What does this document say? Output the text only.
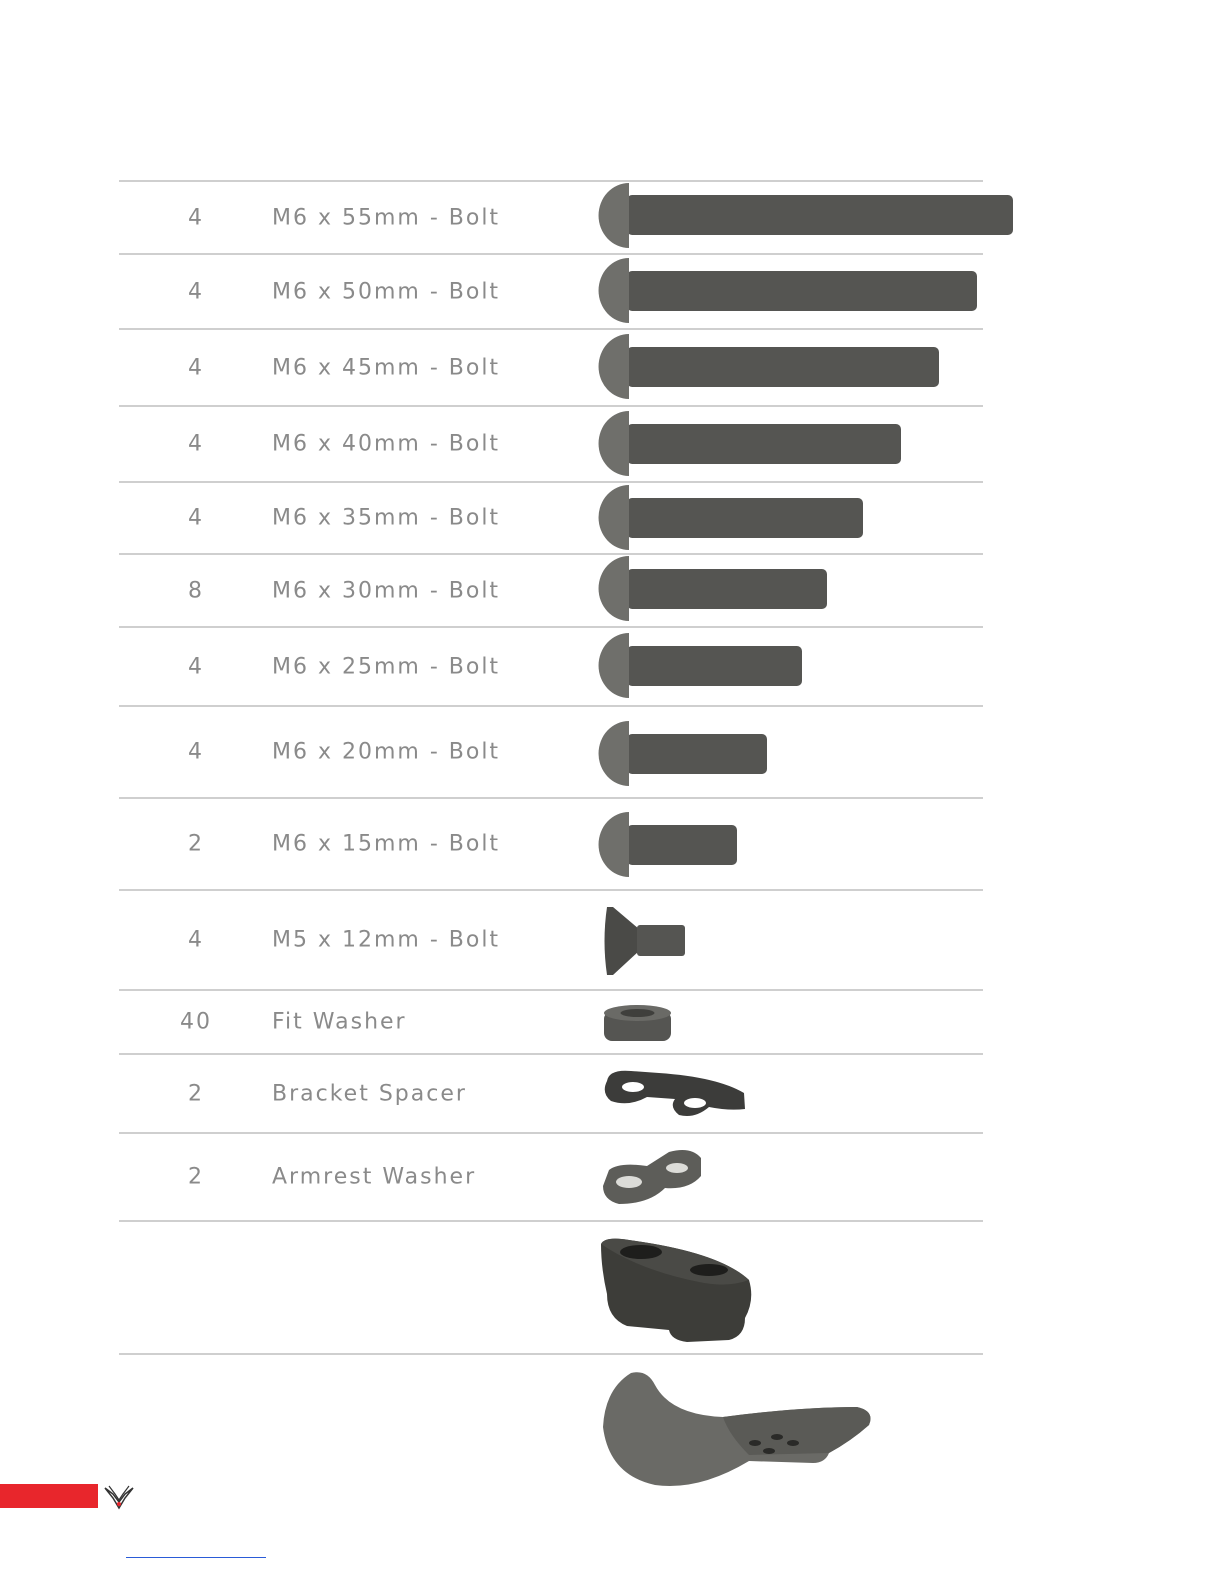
4	M6 x 55mm - Bolt
4	M6 x 50mm - Bolt
4	M6 x 45mm - Bolt
4	M6 x 40mm - Bolt
4	M6 x 35mm - Bolt
8	M6 x 30mm - Bolt
4	M6 x 25mm - Bolt
4	M6 x 20mm - Bolt
2	M6 x 15mm - Bolt
4	M5 x 12mm - Bolt
40	Fit Washer
2	Bracket Spacer
2	Armrest Washer
